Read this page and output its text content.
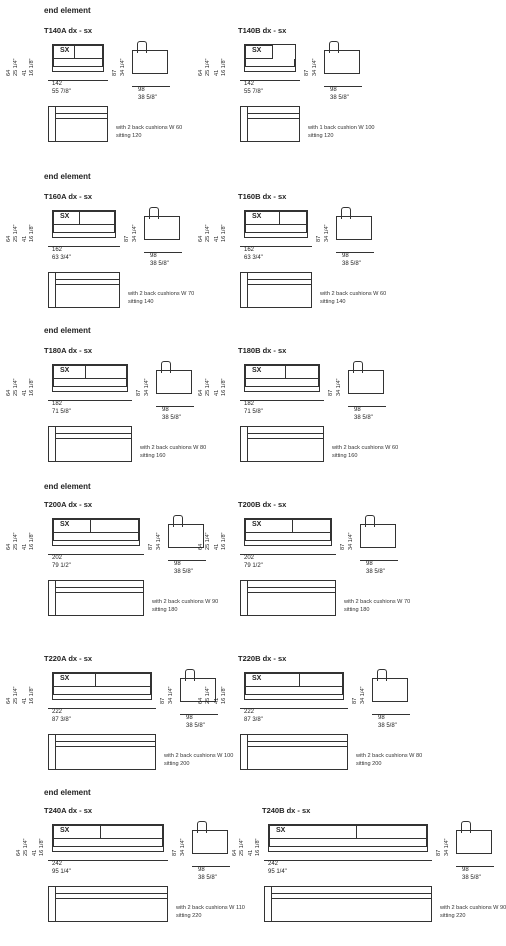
end element
end element
end element
end element
end element
T140A dx - sx
64 25 1/4" 41 16 1/8"
SX
142
55 7/8"
87 34 1/4"
98
38 5/8"
with 2 back cushions W 60
sitting 120
T140B dx - sx
64 25 1/4" 41 16 1/8"
SX
142
55 7/8"
87 34 1/4"
98
38 5/8"
with 1 back cushion W 100
sitting 120
T160A dx - sx
64 25 1/4" 41 16 1/8"
SX
162
63 3/4"
87 34 1/4"
98
38 5/8"
with 2 back cushions W 70
sitting 140
T160B dx - sx
64 25 1/4" 41 16 1/8"
SX
162
63 3/4"
87 34 1/4"
98
38 5/8"
with 2 back cushions W 60
sitting 140
T180A dx - sx
64 25 1/4" 41 16 1/8"
SX
182
71 5/8"
87 34 1/4"
98
38 5/8"
with 2 back cushions W 80
sitting 160
T180B dx - sx
64 25 1/4" 41 16 1/8"
SX
182
71 5/8"
87 34 1/4"
98
38 5/8"
with 2 back cushions W 60
sitting 160
T200A dx - sx
64 25 1/4" 41 16 1/8"
SX
202
79 1/2"
87 34 1/4"
98
38 5/8"
with 2 back cushions W 90
sitting 180
T200B dx - sx
64 25 1/4" 41 16 1/8"
SX
202
79 1/2"
87 34 1/4"
98
38 5/8"
with 2 back cushions W 70
sitting 180
T220A dx - sx
64 25 1/4" 41 16 1/8"
SX
222
87 3/8"
87 34 1/4"
98
38 5/8"
with 2 back cushions W 100
sitting 200
T220B dx - sx
64 25 1/4" 41 16 1/8"
SX
222
87 3/8"
87 34 1/4"
98
38 5/8"
with 2 back cushions W 80
sitting 200
T240A dx - sx
64 25 1/4" 41 16 1/8"
SX
242
95 1/4"
87 34 1/4"
98
38 5/8"
with 2 back cushions W 110
sitting 220
T240B dx - sx
64 25 1/4" 41 16 1/8"
SX
242
95 1/4"
87 34 1/4"
98
38 5/8"
with 2 back cushions W 90
sitting 220
